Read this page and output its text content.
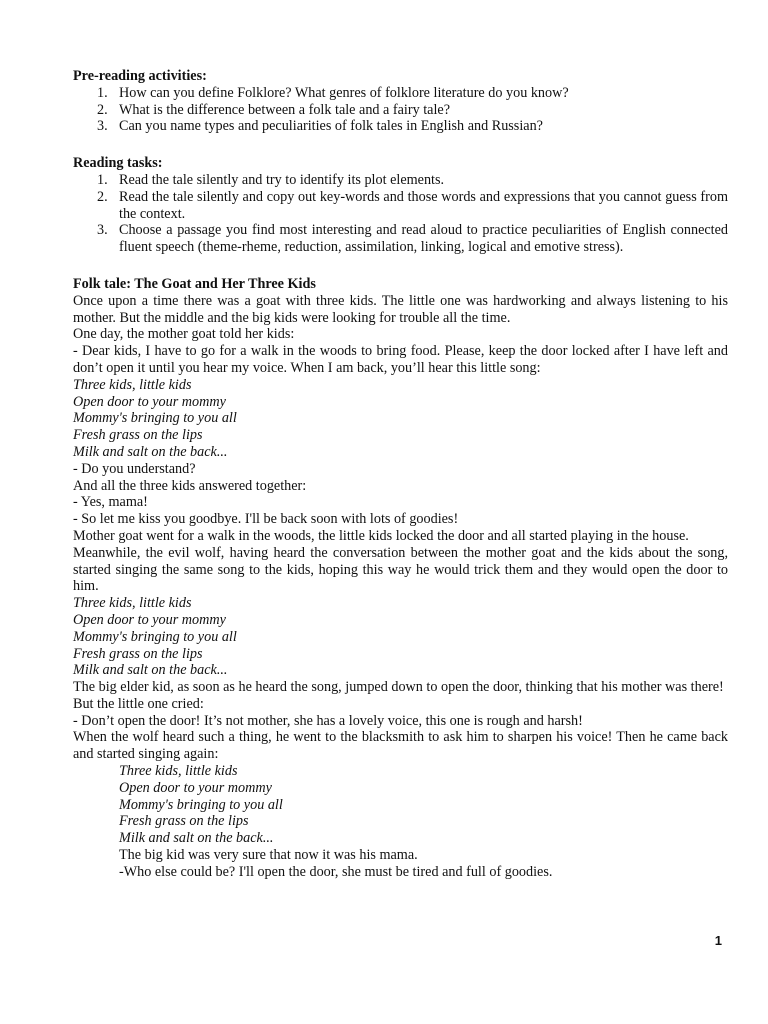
Pre-reading activities:
1. How can you define Folklore? What genres of folklore literature do you know?
2. What is the difference between a folk tale and a fairy tale?
3. Can you name types and peculiarities of folk tales in English and Russian?
Reading tasks:
1. Read the tale silently and try to identify its plot elements.
2. Read the tale silently and copy out key-words and those words and expressions that you cannot guess from the context.
3. Choose a passage you find most interesting and read aloud to practice peculiarities of English connected fluent speech (theme-rheme, reduction, assimilation, linking, logical and emotive stress).
Folk tale: The Goat and Her Three Kids
Once upon a time there was a goat with three kids. The little one was hardworking and always listening to his mother. But the middle and the big kids were looking for trouble all the time.
One day, the mother goat told her kids:
- Dear kids, I have to go for a walk in the woods to bring food. Please, keep the door locked after I have left and don’t open it until you hear my voice. When I am back, you’ll hear this little song:
Three kids, little kids
Open door to your mommy
Mommy's bringing to you all
Fresh grass on the lips
Milk and salt on the back...
- Do you understand?
And all the three kids answered together:
- Yes, mama!
- So let me kiss you goodbye. I'll be back soon with lots of goodies!
Mother goat went for a walk in the woods, the little kids locked the door and all started playing in the house.
Meanwhile, the evil wolf, having heard the conversation between the mother goat and the kids about the song, started singing the same song to the kids, hoping this way he would trick them and they would open the door to him.
Three kids, little kids
Open door to your mommy
Mommy's bringing to you all
Fresh grass on the lips
Milk and salt on the back...
The big elder kid, as soon as he heard the song, jumped down to open the door, thinking that his mother was there!
But the little one cried:
- Don’t open the door! It’s not mother, she has a lovely voice, this one is rough and harsh!
When the wolf heard such a thing, he went to the blacksmith to ask him to sharpen his voice! Then he came back and started singing again:
Three kids, little kids
Open door to your mommy
Mommy's bringing to you all
Fresh grass on the lips
Milk and salt on the back...
The big kid was very sure that now it was his mama.
-Who else could be? I'll open the door, she must be tired and full of goodies.
1
